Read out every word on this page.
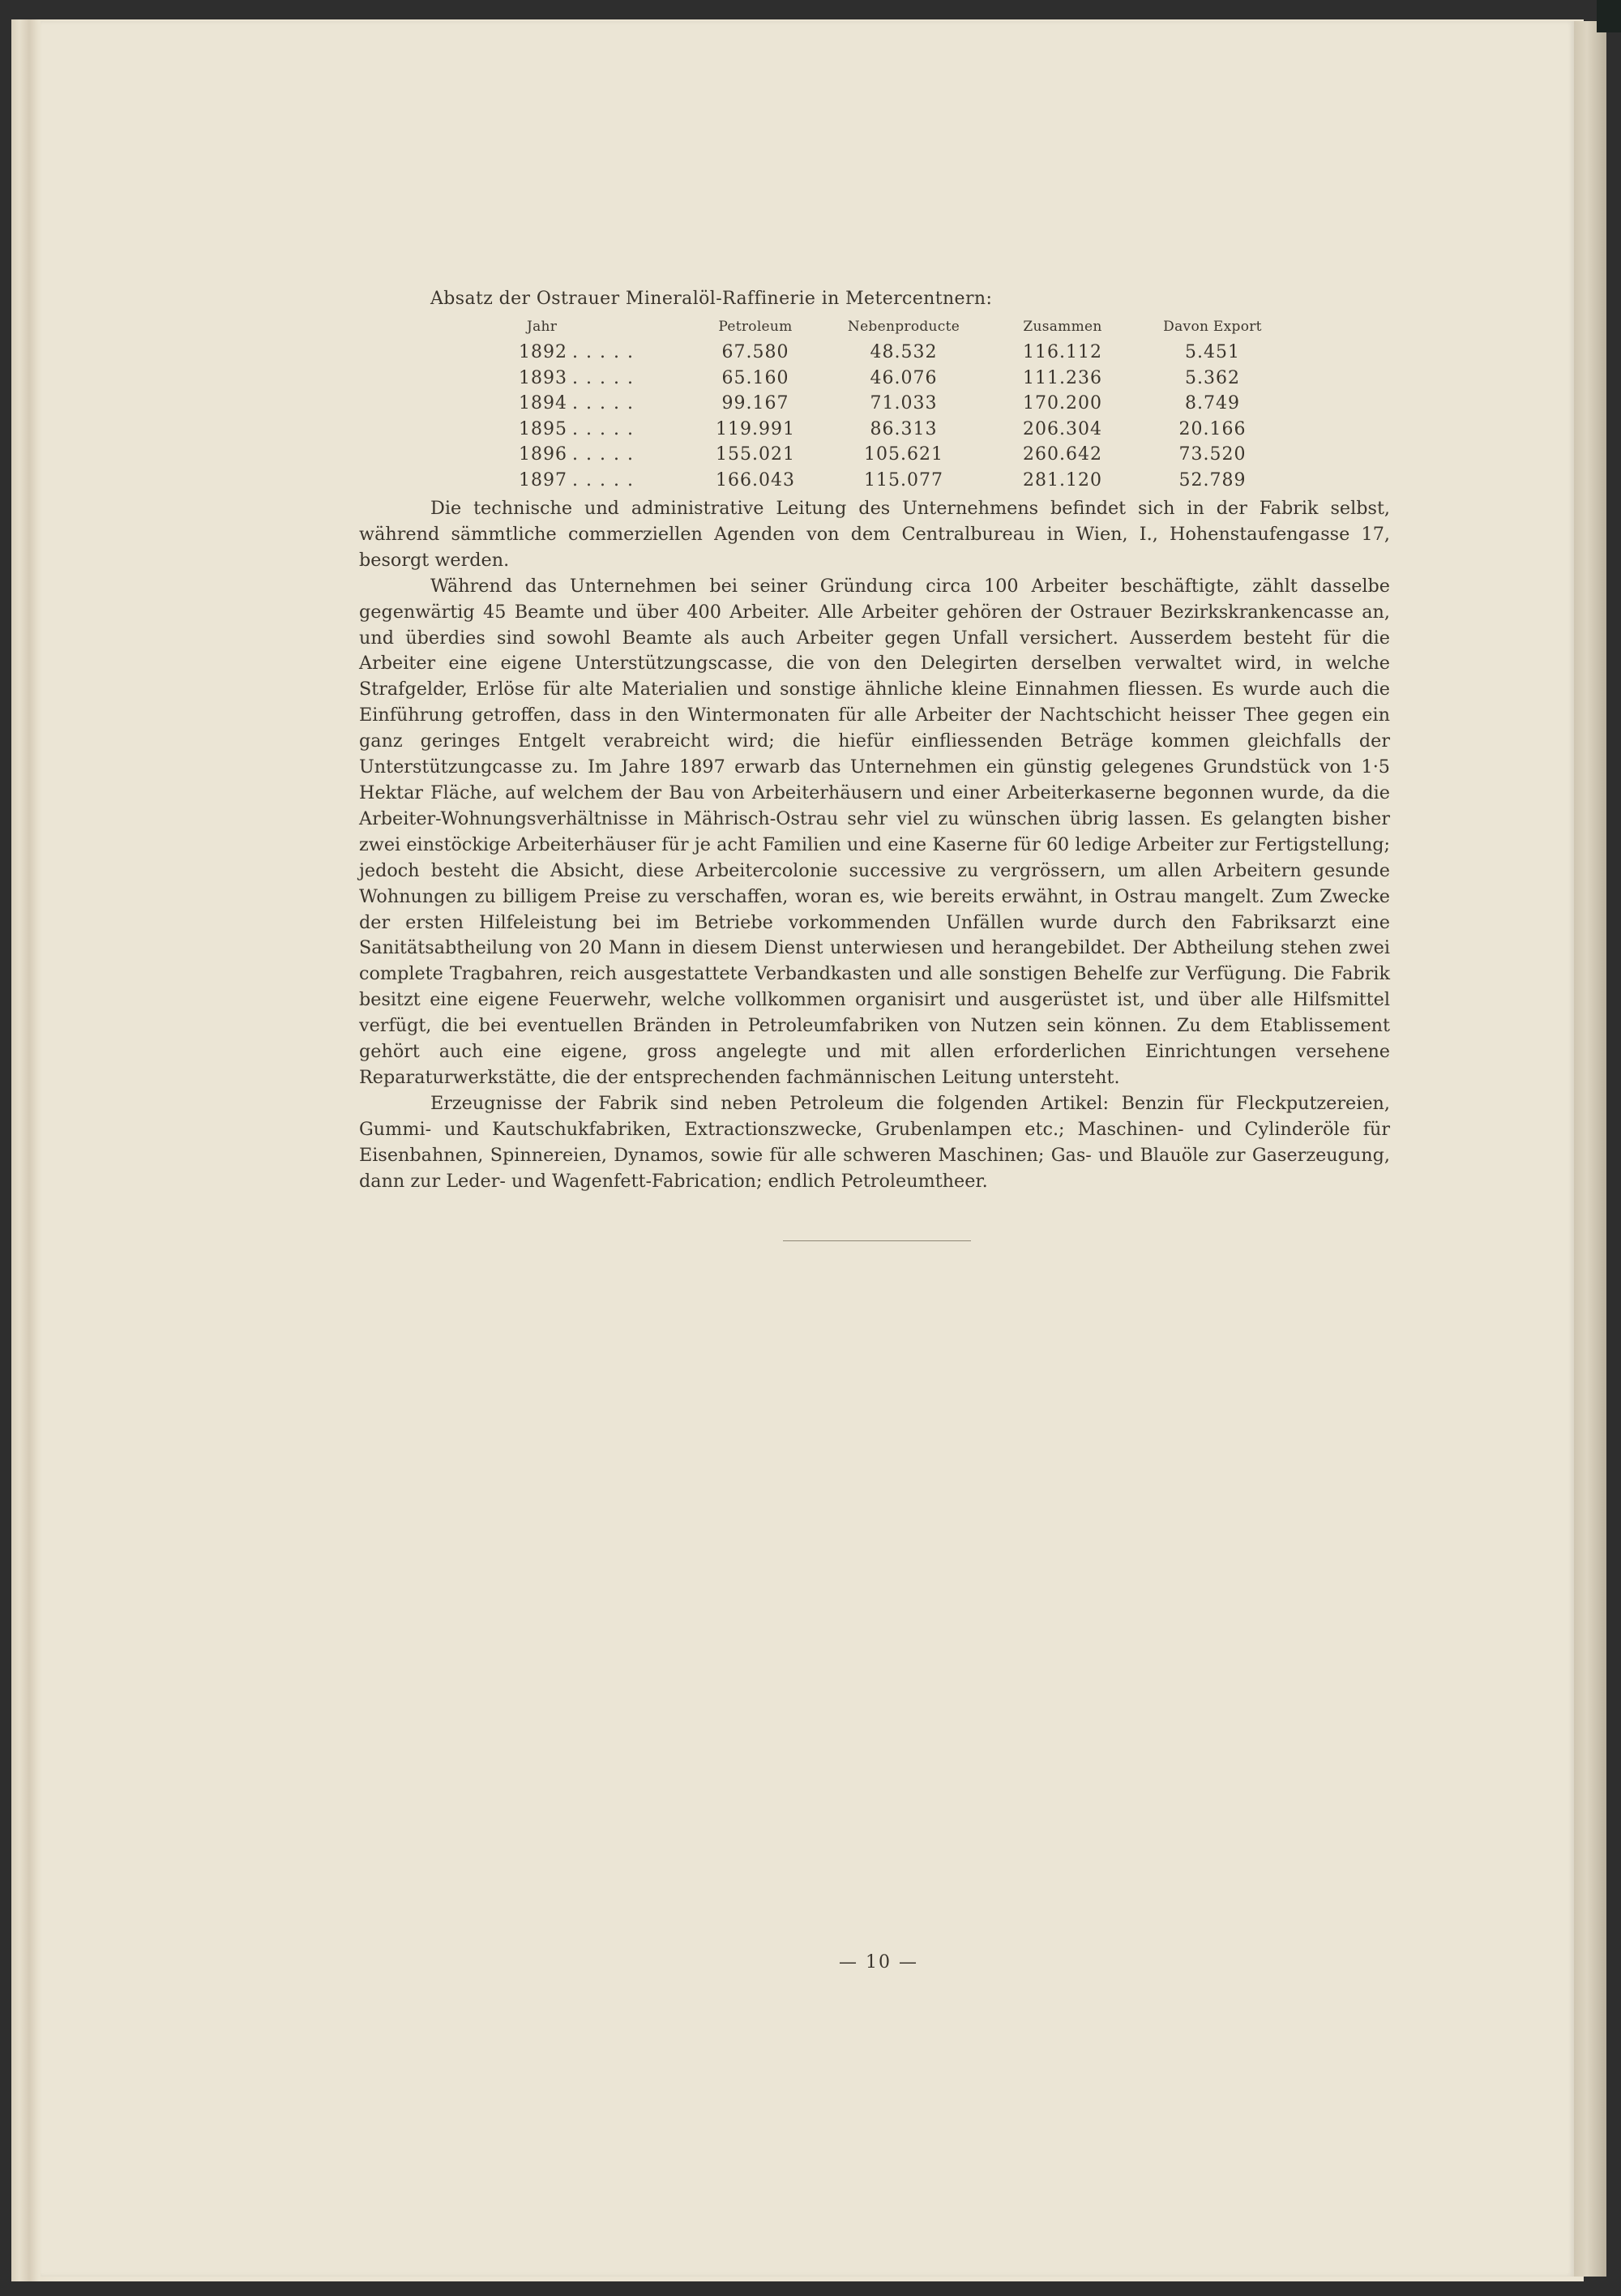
Absatz der Ostrauer Mineralöl-Raffinerie in Metercentnern:
Jahr	Petroleum	Nebenproducte	Zusammen	Davon Export
1892 .....	67.580	48.532	116.112	5.451
1893 .....	65.160	46.076	111.236	5.362
1894 .....	99.167	71.033	170.200	8.749
1895 .....	119.991	86.313	206.304	20.166
1896 .....	155.021	105.621	260.642	73.520
1897 .....	166.043	115.077	281.120	52.789

Die technische und administrative Leitung des Unternehmens befindet sich in der Fabrik selbst, während sämmtliche commerziellen Agenden von dem Centralbureau in Wien, I., Hohenstaufengasse 17, besorgt werden.

Während das Unternehmen bei seiner Gründung circa 100 Arbeiter beschäftigte, zählt dasselbe gegenwärtig 45 Beamte und über 400 Arbeiter. Alle Arbeiter gehören der Ostrauer Bezirkskrankencasse an, und überdies sind sowohl Beamte als auch Arbeiter gegen Unfall versichert. Ausserdem besteht für die Arbeiter eine eigene Unterstützungscasse, die von den Delegirten derselben verwaltet wird, in welche Strafgelder, Erlöse für alte Materialien und sonstige ähnliche kleine Einnahmen fliessen. Es wurde auch die Einführung getroffen, dass in den Wintermonaten für alle Arbeiter der Nachtschicht heisser Thee gegen ein ganz geringes Entgelt verabreicht wird; die hiefür einfliessenden Beträge kommen gleichfalls der Unterstützungcasse zu. Im Jahre 1897 erwarb das Unternehmen ein günstig gelegenes Grundstück von 1·5 Hektar Fläche, auf welchem der Bau von Arbeiterhäusern und einer Arbeiterkaserne begonnen wurde, da die Arbeiter-Wohnungsverhältnisse in Mährisch-Ostrau sehr viel zu wünschen übrig lassen. Es gelangten bisher zwei einstöckige Arbeiterhäuser für je acht Familien und eine Kaserne für 60 ledige Arbeiter zur Fertigstellung; jedoch besteht die Absicht, diese Arbeitercolonie successive zu vergrössern, um allen Arbeitern gesunde Wohnungen zu billigem Preise zu verschaffen, woran es, wie bereits erwähnt, in Ostrau mangelt. Zum Zwecke der ersten Hilfeleistung bei im Betriebe vorkommenden Unfällen wurde durch den Fabriksarzt eine Sanitätsabtheilung von 20 Mann in diesem Dienst unterwiesen und herangebildet. Der Abtheilung stehen zwei complete Tragbahren, reich ausgestattete Verbandkasten und alle sonstigen Behelfe zur Verfügung. Die Fabrik besitzt eine eigene Feuerwehr, welche vollkommen organisirt und ausgerüstet ist, und über alle Hilfsmittel verfügt, die bei eventuellen Bränden in Petroleumfabriken von Nutzen sein können. Zu dem Etablissement gehört auch eine eigene, gross angelegte und mit allen erforderlichen Einrichtungen versehene Reparaturwerkstätte, die der entsprechenden fachmännischen Leitung untersteht.

Erzeugnisse der Fabrik sind neben Petroleum die folgenden Artikel: Benzin für Fleckputzereien, Gummi- und Kautschukfabriken, Extractionszwecke, Grubenlampen etc.; Maschinen- und Cylinderöle für Eisenbahnen, Spinnereien, Dynamos, sowie für alle schweren Maschinen; Gas- und Blauöle zur Gaserzeugung, dann zur Leder- und Wagenfett-Fabrication; endlich Petroleumtheer.

— 10 —
